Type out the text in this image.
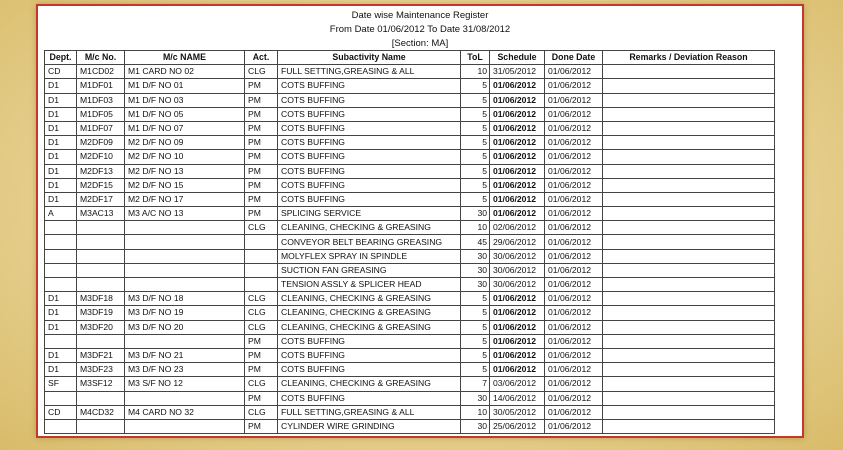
Date wise Maintenance Register
From Date 01/06/2012 To Date 31/08/2012
[Section: MA]
Dept.	M/c No.	M/c NAME	Act.	Subactivity Name	ToL	Schedule	Done Date	Remarks / Deviation Reason
CD	M1CD02	M1 CARD NO 02	CLG	FULL SETTING,GREASING & ALL	10	31/05/2012	01/06/2012	
D1	M1DF01	M1 D/F NO 01	PM	COTS BUFFING	5	01/06/2012	01/06/2012	
D1	M1DF03	M1 D/F NO 03	PM	COTS BUFFING	5	01/06/2012	01/06/2012	
D1	M1DF05	M1 D/F NO 05	PM	COTS BUFFING	5	01/06/2012	01/06/2012	
D1	M1DF07	M1 D/F NO 07	PM	COTS BUFFING	5	01/06/2012	01/06/2012	
D1	M2DF09	M2 D/F NO 09	PM	COTS BUFFING	5	01/06/2012	01/06/2012	
D1	M2DF10	M2 D/F NO 10	PM	COTS BUFFING	5	01/06/2012	01/06/2012	
D1	M2DF13	M2 D/F NO 13	PM	COTS BUFFING	5	01/06/2012	01/06/2012	
D1	M2DF15	M2 D/F NO 15	PM	COTS BUFFING	5	01/06/2012	01/06/2012	
D1	M2DF17	M2 D/F NO 17	PM	COTS BUFFING	5	01/06/2012	01/06/2012	
A	M3AC13	M3 A/C NO 13	PM	SPLICING SERVICE	30	01/06/2012	01/06/2012	
			CLG	CLEANING, CHECKING & GREASING	10	02/06/2012	01/06/2012	
				CONVEYOR BELT BEARING GREASING	45	29/06/2012	01/06/2012	
				MOLYFLEX SPRAY IN SPINDLE	30	30/06/2012	01/06/2012	
				SUCTION FAN GREASING	30	30/06/2012	01/06/2012	
				TENSION ASSLY & SPLICER HEAD	30	30/06/2012	01/06/2012	
D1	M3DF18	M3 D/F NO 18	CLG	CLEANING, CHECKING & GREASING	5	01/06/2012	01/06/2012	
D1	M3DF19	M3 D/F NO 19	CLG	CLEANING, CHECKING & GREASING	5	01/06/2012	01/06/2012	
D1	M3DF20	M3 D/F NO 20	CLG	CLEANING, CHECKING & GREASING	5	01/06/2012	01/06/2012	
			PM	COTS BUFFING	5	01/06/2012	01/06/2012	
D1	M3DF21	M3 D/F NO 21	PM	COTS BUFFING	5	01/06/2012	01/06/2012	
D1	M3DF23	M3 D/F NO 23	PM	COTS BUFFING	5	01/06/2012	01/06/2012	
SF	M3SF12	M3 S/F NO 12	CLG	CLEANING, CHECKING & GREASING	7	03/06/2012	01/06/2012	
			PM	COTS BUFFING	30	14/06/2012	01/06/2012	
CD	M4CD32	M4 CARD NO 32	CLG	FULL SETTING,GREASING & ALL	10	30/05/2012	01/06/2012	
			PM	CYLINDER WIRE GRINDING	30	25/06/2012	01/06/2012	
